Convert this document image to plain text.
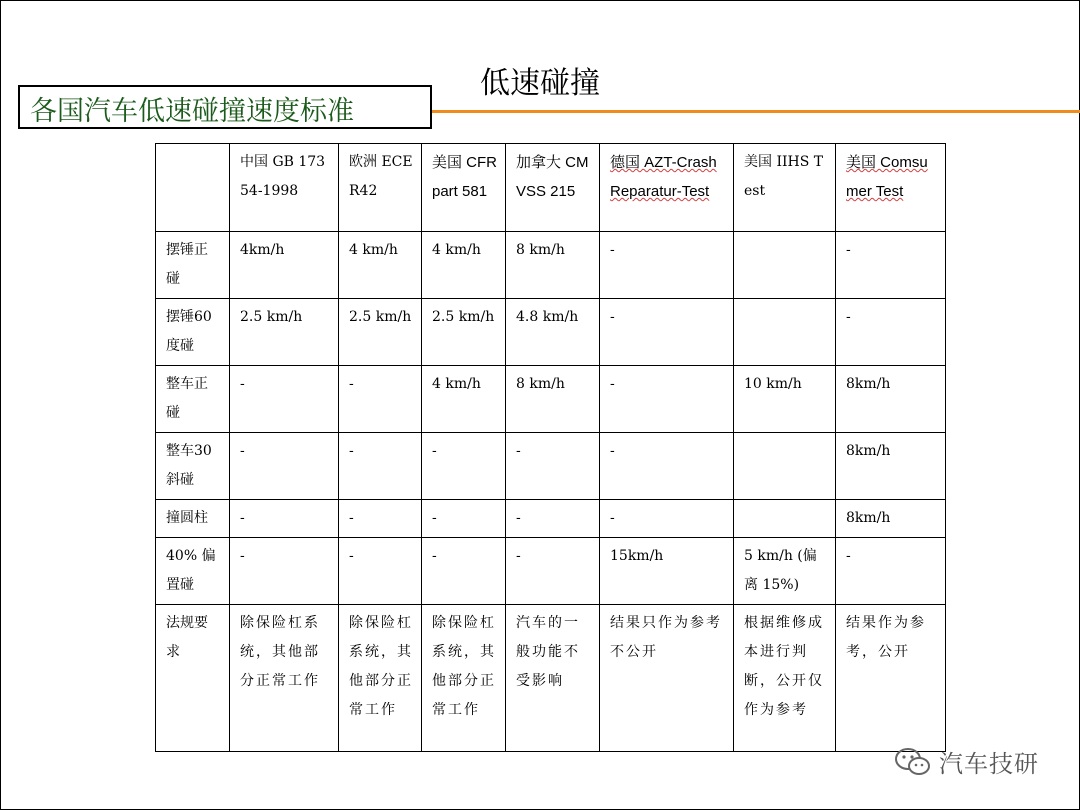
低速碰撞
各国汽车低速碰撞速度标准
	中国 GB 17354-1998	欧洲 ECE R42	美国 CFR part 581	加拿大 CMVSS 215	德国 AZT-Crash Reparatur-Test	美国 IIHS Test	美国 Comsumer Test
摆锤正碰	4km/h	4 km/h	4 km/h	8 km/h	-		-
摆锤60度碰	2.5 km/h	2.5 km/h	2.5 km/h	4.8 km/h	-		-
整车正碰	-	-	4 km/h	8 km/h	-	10 km/h	8km/h
整车30斜碰	-	-	-	-	-		8km/h
撞圆柱	-	-	-	-	-		8km/h
40% 偏置碰	-	-	-	-	15km/h	5 km/h (偏离 15%)	-
法规要求	除保险杠系统，其他部分正常工作	除保险杠系统，其他部分正常工作	除保险杠系统，其他部分正常工作	汽车的一般功能不受影响	结果只作为参考不公开	根据维修成本进行判断，公开仅作为参考	结果作为参考，公开
汽车技研
